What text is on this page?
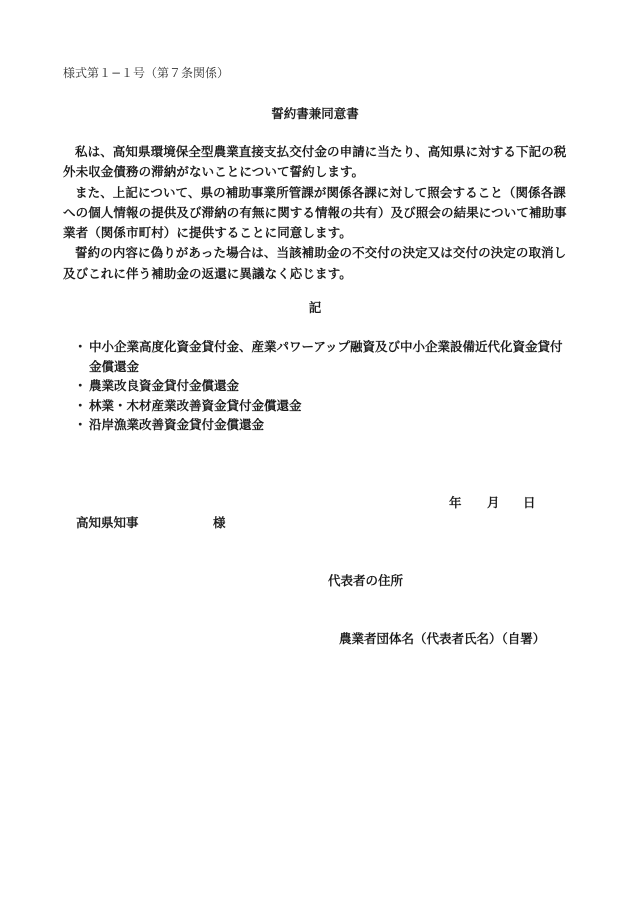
様式第１−１号（第７条関係）
誓約書兼同意書

私は、高知県環境保全型農業直接支払交付金の申請に当たり、高知県に対する下記の税外未収金債務の滞納がないことについて誓約します。

また、上記について、県の補助事業所管課が関係各課に対して照会すること（関係各課への個人情報の提供及び滞納の有無に関する情報の共有）及び照会の結果について補助事業者（関係市町村）に提供することに同意します。

誓約の内容に偽りがあった場合は、当該補助金の不交付の決定又は交付の決定の取消し及びこれに伴う補助金の返還に異議なく応じます。

記
・ 中小企業高度化資金貸付金、産業パワーアップ融資及び中小企業設備近代化資金貸付金償還金
・ 農業改良資金貸付金償還金
・ 林業・木材産業改善資金貸付金償還金
・ 沿岸漁業改善資金貸付金償還金
年 月 日
高知県知事	様
代表者の住所
農業者団体名（代表者氏名）（自署）
